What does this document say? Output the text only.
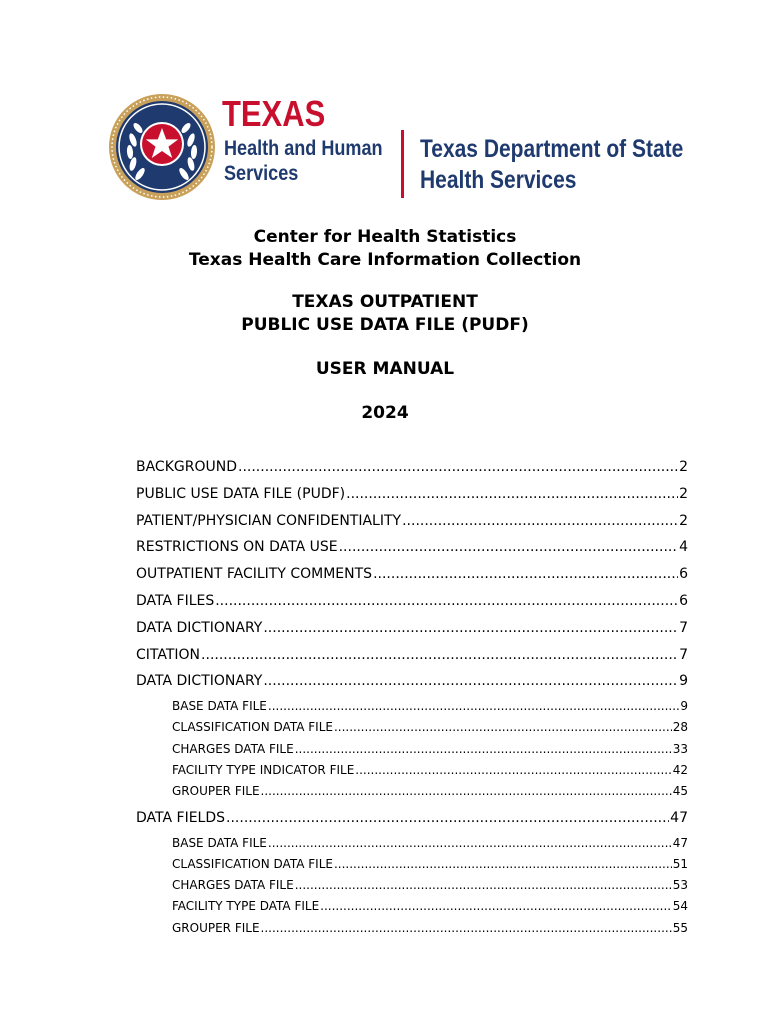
TEXAS
Health and Human
Services
Texas Department of State
Health Services
Center for Health Statistics
Texas Health Care Information Collection
TEXAS OUTPATIENT
PUBLIC USE DATA FILE (PUDF)
USER MANUAL
2024
BACKGROUND .....	2
PUBLIC USE DATA FILE (PUDF) .....	2
PATIENT/PHYSICIAN CONFIDENTIALITY .....	2
RESTRICTIONS ON DATA USE .....	4
OUTPATIENT FACILITY COMMENTS .....	6
DATA FILES .....	6
DATA DICTIONARY .....	7
CITATION .....	7
DATA DICTIONARY .....	9
BASE DATA FILE .....	9
CLASSIFICATION DATA FILE .....	28
CHARGES DATA FILE .....	33
FACILITY TYPE INDICATOR FILE .....	42
GROUPER FILE .....	45
DATA FIELDS .....	47
BASE DATA FILE .....	47
CLASSIFICATION DATA FILE .....	51
CHARGES DATA FILE .....	53
FACILITY TYPE DATA FILE .....	54
GROUPER FILE .....	55
